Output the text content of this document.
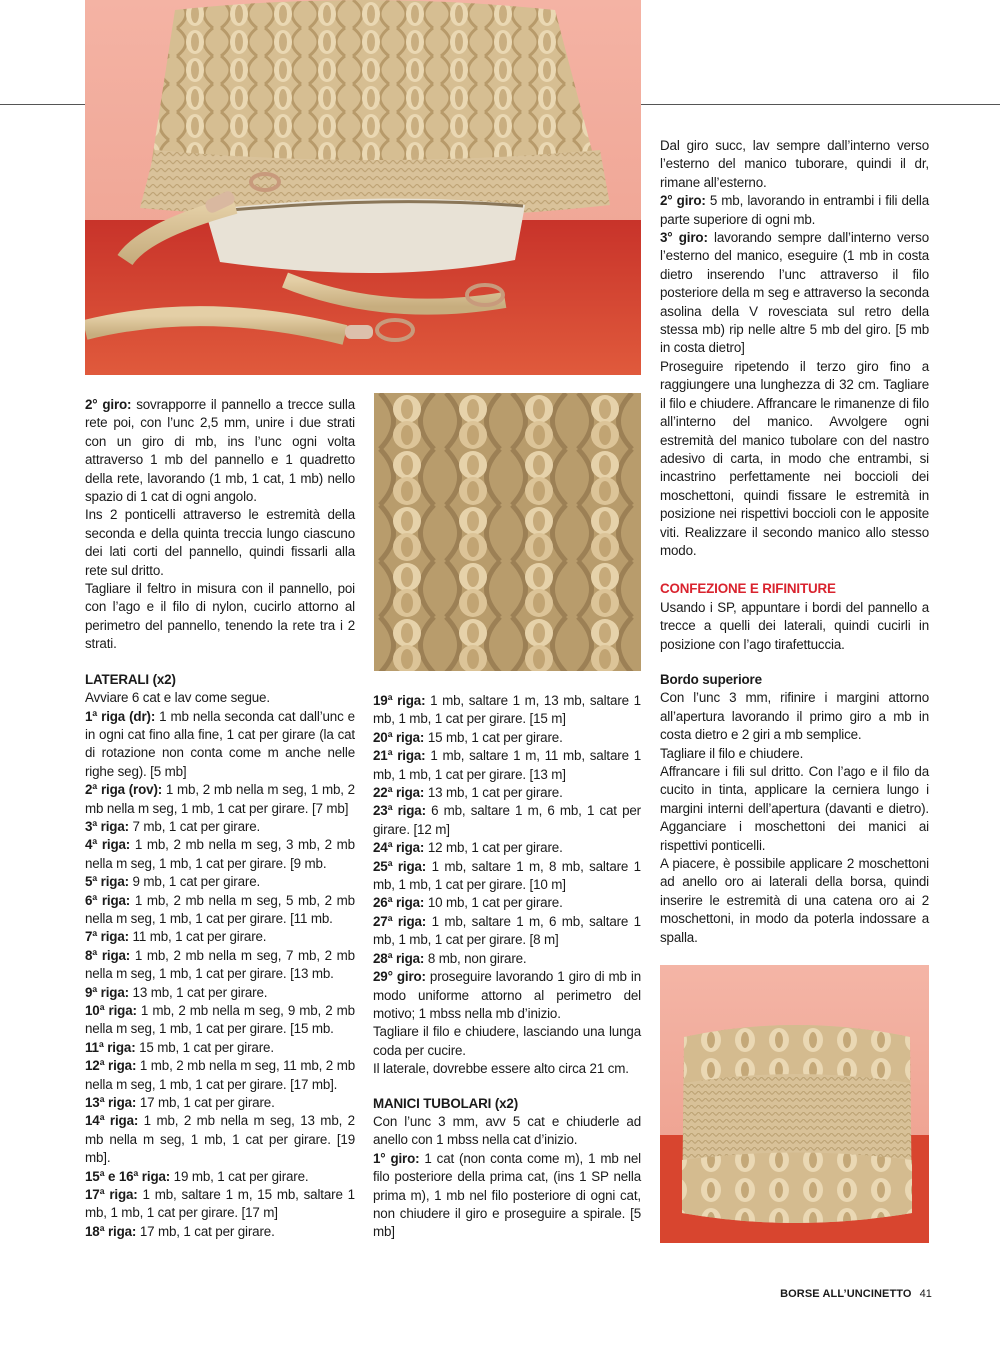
2° giro: sovrapporre il pannello a trecce sulla rete poi, con l’unc 2,5 mm, unire i due strati con un giro di mb, ins l’unc ogni volta attraverso 1 mb del pannello e 1 quadretto della rete, lavorando (1 mb, 1 cat, 1 mb) nello spazio di 1 cat di ogni angolo.

Ins 2 ponticelli attraverso le estremità della seconda e della quinta treccia lungo ciascuno dei lati corti del pannello, quindi fissarli alla rete sul dritto.

Tagliare il feltro in misura con il pannello, poi con l’ago e il filo di nylon, cucirlo attorno al perimetro del pannello, tenendo la rete tra i 2 strati.

LATERALI (x2)

Avviare 6 cat e lav come segue.

1ª riga (dr): 1 mb nella seconda cat dall’unc e in ogni cat fino alla fine, 1 cat per girare (la cat di rotazione non conta come m anche nelle righe seg). [5 mb]

2ª riga (rov): 1 mb, 2 mb nella m seg, 1 mb, 2 mb nella m seg, 1 mb, 1 cat per girare. [7 mb]

3ª riga: 7 mb, 1 cat per girare.

4ª riga: 1 mb, 2 mb nella m seg, 3 mb, 2 mb nella m seg, 1 mb, 1 cat per girare. [9 mb.

5ª riga: 9 mb, 1 cat per girare.

6ª riga: 1 mb, 2 mb nella m seg, 5 mb, 2 mb nella m seg, 1 mb, 1 cat per girare. [11 mb.

7ª riga: 11 mb, 1 cat per girare.

8ª riga: 1 mb, 2 mb nella m seg, 7 mb, 2 mb nella m seg, 1 mb, 1 cat per girare. [13 mb.

9ª riga: 13 mb, 1 cat per girare.

10ª riga: 1 mb, 2 mb nella m seg, 9 mb, 2 mb nella m seg, 1 mb, 1 cat per girare. [15 mb.

11ª riga: 15 mb, 1 cat per girare.

12ª riga: 1 mb, 2 mb nella m seg, 11 mb, 2 mb nella m seg, 1 mb, 1 cat per girare. [17 mb].

13ª riga: 17 mb, 1 cat per girare.

14ª riga: 1 mb, 2 mb nella m seg, 13 mb, 2 mb nella m seg, 1 mb, 1 cat per girare. [19 mb].

15ª e 16ª riga: 19 mb, 1 cat per girare.

17ª riga: 1 mb, saltare 1 m, 15 mb, saltare 1 mb, 1 mb, 1 cat per girare. [17 m]

18ª riga: 17 mb, 1 cat per girare.

19ª riga: 1 mb, saltare 1 m, 13 mb, saltare 1 mb, 1 mb, 1 cat per girare. [15 m]

20ª riga: 15 mb, 1 cat per girare.

21ª riga: 1 mb, saltare 1 m, 11 mb, saltare 1 mb, 1 mb, 1 cat per girare. [13 m]

22ª riga: 13 mb, 1 cat per girare.

23ª riga: 6 mb, saltare 1 m, 6 mb, 1 cat per girare. [12 m]

24ª riga: 12 mb, 1 cat per girare.

25ª riga: 1 mb, saltare 1 m, 8 mb, saltare 1 mb, 1 mb, 1 cat per girare. [10 m]

26ª riga: 10 mb, 1 cat per girare.

27ª riga: 1 mb, saltare 1 m, 6 mb, saltare 1 mb, 1 mb, 1 cat per girare. [8 m]

28ª riga: 8 mb, non girare.

29° giro: proseguire lavorando 1 giro di mb in modo uniforme attorno al perimetro del motivo; 1 mbss nella mb d’inizio.

Tagliare il filo e chiudere, lasciando una lunga coda per cucire.

Il laterale, dovrebbe essere alto circa 21 cm.

MANICI TUBOLARI (x2)

Con l’unc 3 mm, avv 5 cat e chiuderle ad anello con 1 mbss nella cat d’inizio.

1° giro: 1 cat (non conta come m), 1 mb nel filo posteriore della prima cat, (ins 1 SP nella prima m), 1 mb nel filo posteriore di ogni cat, non chiudere il giro e proseguire a spirale. [5 mb]

Dal giro succ, lav sempre dall’interno verso l’esterno del manico tuborare, quindi il dr, rimane all’esterno.

2° giro: 5 mb, lavorando in entrambi i fili della parte superiore di ogni mb.

3° giro: lavorando sempre dall’interno verso l’esterno del manico, eseguire (1 mb in costa dietro inserendo l’unc attraverso il filo posteriore della m seg e attraverso la seconda asolina della V rovesciata sul retro della stessa mb) rip nelle altre 5 mb del giro. [5 mb in costa dietro]

Proseguire ripetendo il terzo giro fino a raggiungere una lunghezza di 32 cm. Tagliare il filo e chiudere. Affrancare le rimanenze di filo all’interno del manico. Avvolgere ogni estremità del manico tubolare con del nastro adesivo di carta, in modo che entrambi, si incastrino perfettamente nei boccioli dei moschettoni, quindi fissare le estremità in posizione nei rispettivi boccioli con le apposite viti. Realizzare il secondo manico allo stesso modo.

CONFEZIONE E RIFINITURE

Usando i SP, appuntare i bordi del pannello a trecce a quelli dei laterali, quindi cucirli in posizione con l’ago tirafettuccia.

Bordo superiore

Con l’unc 3 mm, rifinire i margini attorno all’apertura lavorando il primo giro a mb in costa dietro e 2 giri a mb semplice.

Tagliare il filo e chiudere.

Affrancare i fili sul dritto. Con l’ago e il filo da cucito in tinta, applicare la cerniera lungo i margini interni dell’apertura (davanti e dietro). Agganciare i moschettoni dei manici ai rispettivi ponticelli.

A piacere, è possibile applicare 2 moschettoni ad anello oro ai laterali della borsa, quindi inserire le estremità di una catena oro ai 2 moschettoni, in modo da poterla indossare a spalla.

BORSE ALL’UNCINETTO 41
